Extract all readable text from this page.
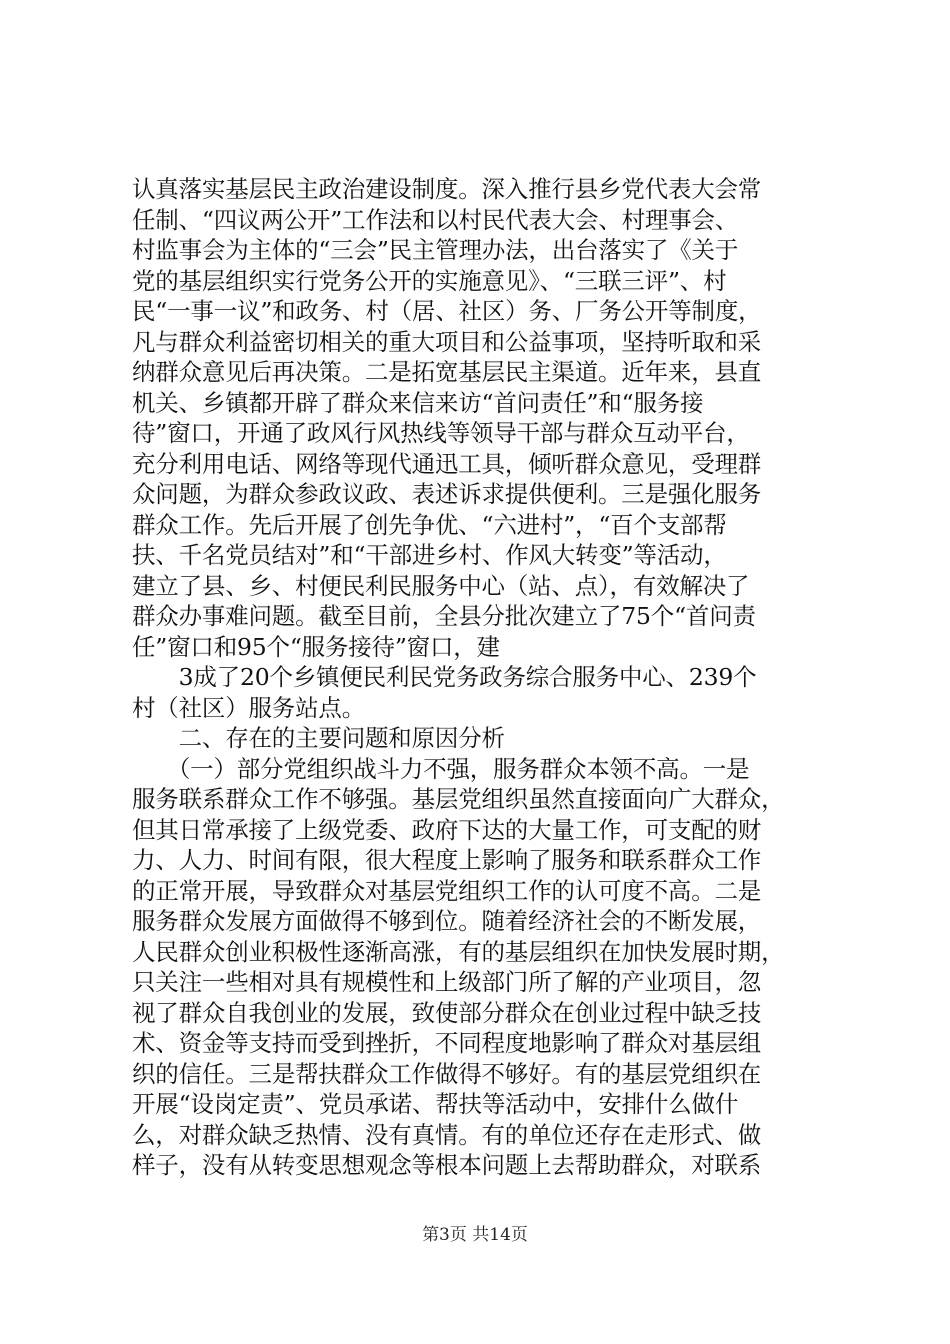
认真落实基层民主政治建设制度。深入推行县乡党代表大会常
任制、“四议两公开”工作法和以村民代表大会、村理事会、
村监事会为主体的“三会”民主管理办法，出台落实了《关于
党的基层组织实行党务公开的实施意见》、“三联三评”、村
民“一事一议”和政务、村（居、社区）务、厂务公开等制度，
凡与群众利益密切相关的重大项目和公益事项，坚持听取和采
纳群众意见后再决策。二是拓宽基层民主渠道。近年来，县直
机关、乡镇都开辟了群众来信来访“首问责任”和“服务接
待”窗口，开通了政风行风热线等领导干部与群众互动平台，
充分利用电话、网络等现代通迅工具，倾听群众意见，受理群
众问题，为群众参政议政、表述诉求提供便利。三是强化服务
群众工作。先后开展了创先争优、“六进村”，“百个支部帮
扶、千名党员结对”和“干部进乡村、作风大转变”等活动，
建立了县、乡、村便民利民服务中心（站、点），有效解决了
群众办事难问题。截至目前，全县分批次建立了75个“首问责
任”窗口和95个“服务接待”窗口，建
　　3成了20个乡镇便民利民党务政务综合服务中心、239个
村（社区）服务站点。
　　二、存在的主要问题和原因分析
　　（一）部分党组织战斗力不强，服务群众本领不高。一是
服务联系群众工作不够强。基层党组织虽然直接面向广大群众，
但其日常承接了上级党委、政府下达的大量工作，可支配的财
力、人力、时间有限，很大程度上影响了服务和联系群众工作
的正常开展，导致群众对基层党组织工作的认可度不高。二是
服务群众发展方面做得不够到位。随着经济社会的不断发展，
人民群众创业积极性逐渐高涨，有的基层组织在加快发展时期，
只关注一些相对具有规模性和上级部门所了解的产业项目，忽
视了群众自我创业的发展，致使部分群众在创业过程中缺乏技
术、资金等支持而受到挫折，不同程度地影响了群众对基层组
织的信任。三是帮扶群众工作做得不够好。有的基层党组织在
开展“设岗定责”、党员承诺、帮扶等活动中，安排什么做什
么，对群众缺乏热情、没有真情。有的单位还存在走形式、做
样子，没有从转变思想观念等根本问题上去帮助群众，对联系
第3页 共14页
